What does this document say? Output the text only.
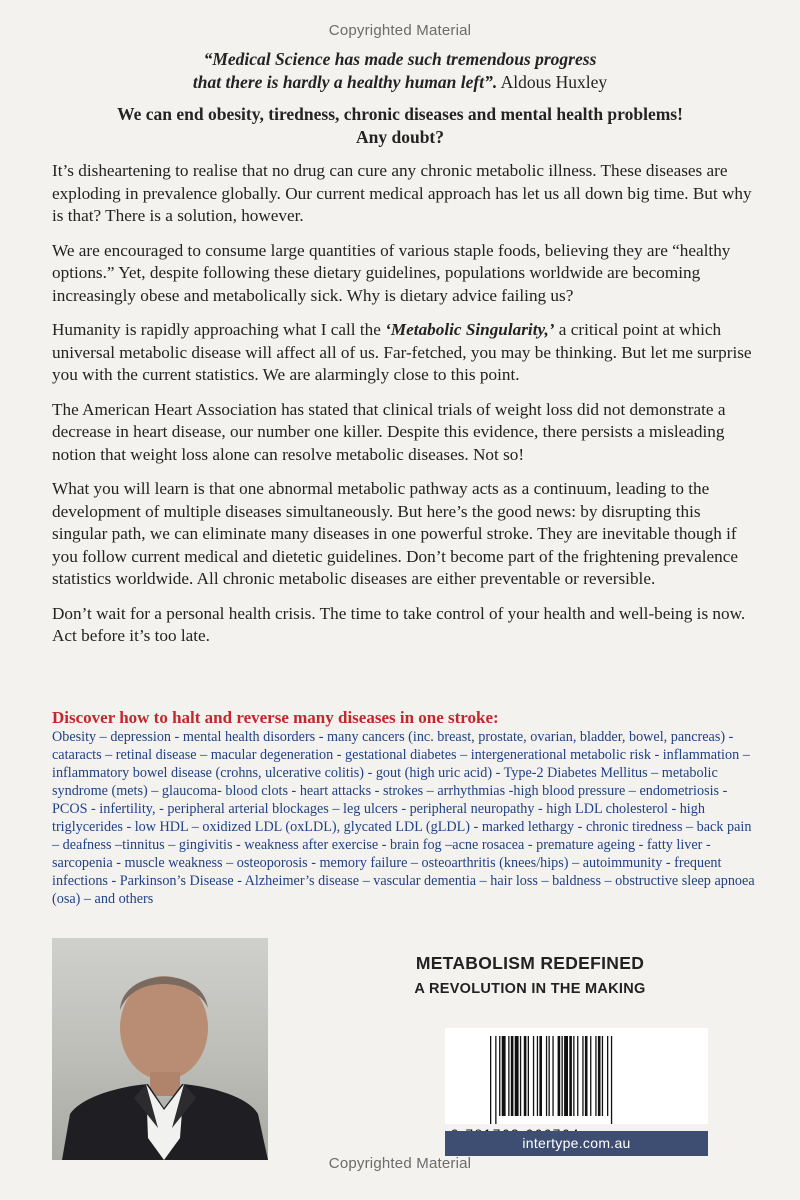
Copyrighted Material
“Medical Science has made such tremendous progress
that there is hardly a healthy human left”. Aldous Huxley
We can end obesity, tiredness, chronic diseases and mental health problems!
Any doubt?

It’s disheartening to realise that no drug can cure any chronic metabolic illness. These diseases are exploding in prevalence globally. Our current medical approach has let us all down big time. But why is that? There is a solution, however.

We are encouraged to consume large quantities of various staple foods, believing they are “healthy options.” Yet, despite following these dietary guidelines, populations worldwide are becoming increasingly obese and metabolically sick. Why is dietary advice failing us?

Humanity is rapidly approaching what I call the ‘Metabolic Singularity,’ a critical point at which universal metabolic disease will affect all of us. Far-fetched, you may be thinking. But let me surprise you with the current statistics. We are alarmingly close to this point.

The American Heart Association has stated that clinical trials of weight loss did not demonstrate a decrease in heart disease, our number one killer. Despite this evidence, there persists a misleading notion that weight loss alone can resolve metabolic diseases. Not so!

What you will learn is that one abnormal metabolic pathway acts as a continuum, leading to the development of multiple diseases simultaneously. But here’s the good news: by disrupting this singular path, we can eliminate many diseases in one powerful stroke. They are inevitable though if you follow current medical and dietetic guidelines. Don’t become part of the frightening prevalence statistics worldwide. All chronic metabolic diseases are either preventable or reversible.

Don’t wait for a personal health crisis. The time to take control of your health and well-being is now. Act before it’s too late.

Discover how to halt and reverse many diseases in one stroke:
Obesity – depression - mental health disorders - many cancers (inc. breast, prostate, ovarian, bladder, bowel, pancreas) -cataracts – retinal disease – macular degeneration - gestational diabetes – intergenerational metabolic risk - inflammation – inflammatory bowel disease (crohns, ulcerative colitis) - gout (high uric acid) - Type-2 Diabetes Mellitus – metabolic syndrome (mets) – glaucoma- blood clots - heart attacks - strokes – arrhythmias -high blood pressure – endometriosis - PCOS - infertility, - peripheral arterial blockages – leg ulcers - peripheral neuropathy - high LDL cholesterol - high triglycerides - low HDL – oxidized LDL (oxLDL), glycated LDL (gLDL) - marked lethargy - chronic tiredness – back pain – deafness –tinnitus – gingivitis - weakness after exercise - brain fog –acne rosacea - premature ageing - fatty liver - sarcopenia - muscle weakness – osteoporosis - memory failure – osteoarthritis (knees/hips) – autoimmunity - frequent infections - Parkinson’s Disease - Alzheimer’s disease – vascular dementia – hair loss – baldness – obstructive sleep apnoea (osa) – and others
METABOLISM REDEFINED
A REVOLUTION IN THE MAKING
intertype.com.au
Copyrighted Material
